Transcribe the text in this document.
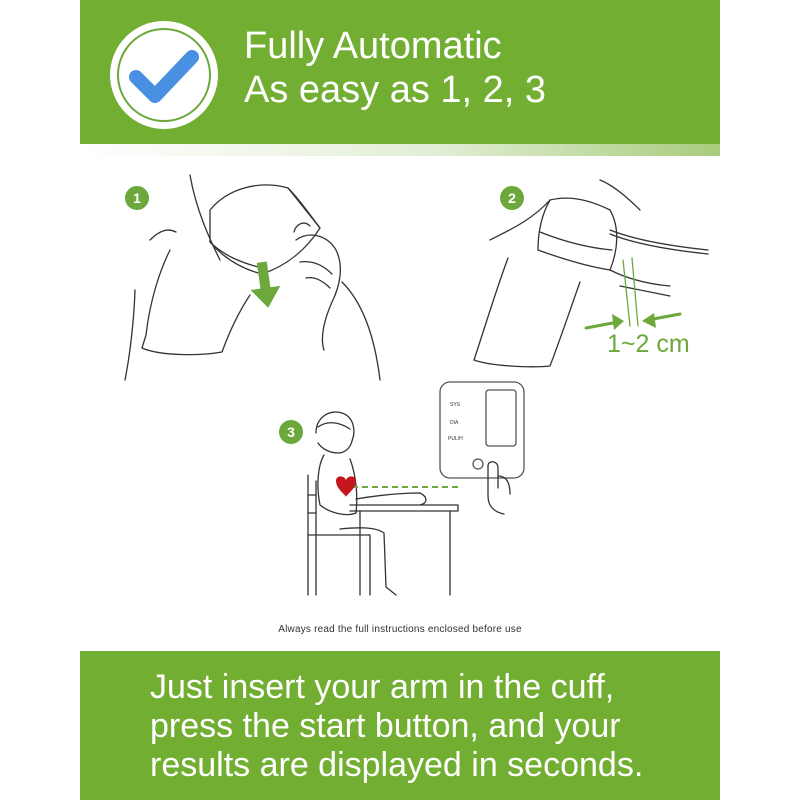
Fully Automatic
As easy as 1, 2, 3
1	2
1~2 cm
3
SYS
DIA
PUL/H
Always read the full instructions enclosed before use

Just insert your arm in the cuff,
press the start button, and your
results are displayed in seconds.
